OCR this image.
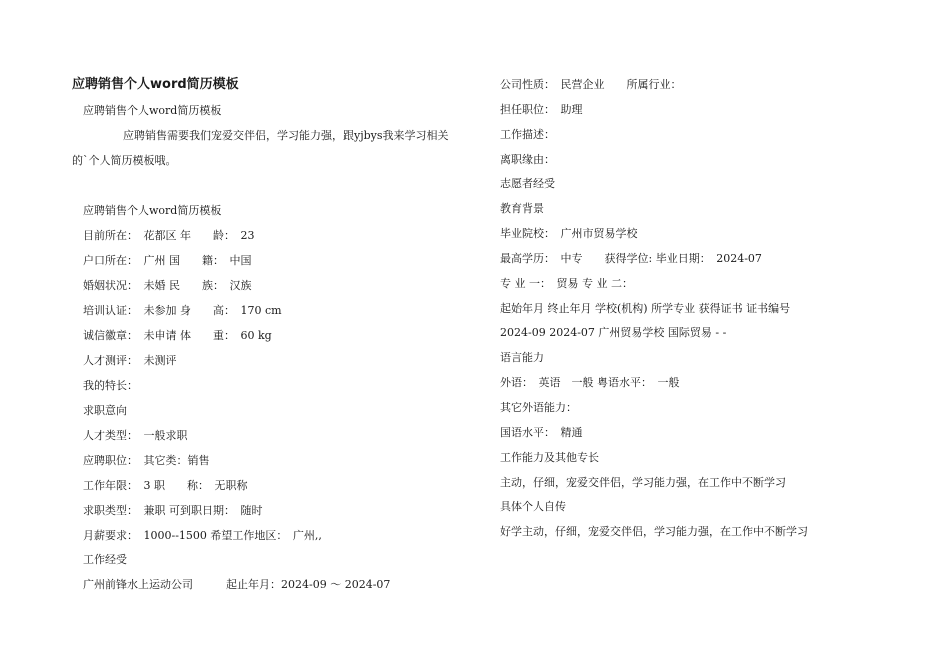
应聘销售个人word简历模板
应聘销售个人word简历模板
应聘销售需要我们宠爱交伴侣，学习能力强，跟yjbys我来学习相关
的`个人简历模板哦。
应聘销售个人word简历模板
目前所在：　花都区 年　　龄：　23
户口所在：　广州 国　　籍：　中国
婚姻状况：　未婚 民　　族：　汉族
培训认证：　未参加 身　　高：　170 cm
诚信徽章：　未申请 体　　重：　60 kg
人才测评：　未测评
我的特长：
求职意向
人才类型：　一般求职
应聘职位：　其它类：销售
工作年限：　3 职　　称：　无职称
求职类型：　兼职 可到职日期：　随时
月薪要求：　1000--1500 希望工作地区：　广州,,
工作经受
广州前锋水上运动公司　　　起止年月：2024-09 ～ 2024-07
公司性质：　民营企业　　所属行业：
担任职位：　助理
工作描述：
离职缘由：
志愿者经受
教育背景
毕业院校：　广州市贸易学校
最高学历：　中专　　获得学位: 毕业日期：　2024-07
专 业 一：　贸易 专 业 二：
起始年月 终止年月 学校(机构) 所学专业 获得证书 证书编号
2024-09 2024-07 广州贸易学校 国际贸易 - -
语言能力
外语：　英语　一般 粤语水平：　一般
其它外语能力：
国语水平：　精通
工作能力及其他专长
主动，仔细，宠爱交伴侣，学习能力强，在工作中不断学习
具体个人自传
好学主动，仔细，宠爱交伴侣，学习能力强，在工作中不断学习
